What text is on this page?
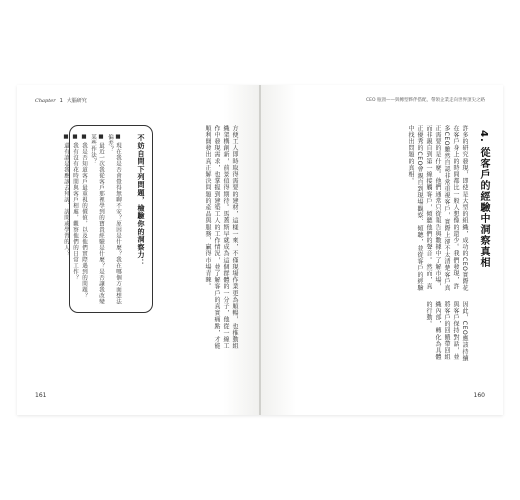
Chapter 1 大腦研究
方便工人即時取得需要的建材，這樣一來，不僅現場作業更為順暢，也推動組織架構創新，前景值得期待。馬蓋斯早就成為這個群體的一分子，他從一線工作中發現需求，也掌握到建築工人的工作情況，並了解客戶的真實痛點，才能順利開發出真正解決問題的產品與服務，贏得市場青睞。
不妨自問下列問題，檢驗你的洞察力：

■ 現在我是否會覺得無聊不安？原因是什麼？我在哪個方面想法偏差？

■ 最近一次我從客戶那裡學到的寶貴經驗是什麼？是否讓我改變某些作法？

■ 我是否知道客戶最重視的價值，以及他們實際遇到的問題？

■ 我有沒有花時間與客戶相處，觀察他們的日常工作？

■ 還有誰是我應該去拜訪、訪問或學習的人？

161
CEO 瓶頸——與轉型夥伴搭配，帶領企業走向世界頂尖之路
4. 從客戶的經驗中洞察真相
許多的研究發現，即使是大型的組織，成功的CEO實際花在客戶身上的時間都比一般人想像的還少。我們發現，許多CEO雖然自認非常重視客戶，實際上卻不太清楚客戶真正需要的是什麼。他們通常只從報告與數據中了解市場，而非親自到第一線接觸客戶，傾聽他們的聲音。然而，真正優秀的CEO會親自到現場觀察、傾聽，並從客戶的經驗中找出問題的真相。
因此，CEO應該持續與客戶保持對話，並將客戶的回饋帶回組織內部，轉化為具體的行動。
160
